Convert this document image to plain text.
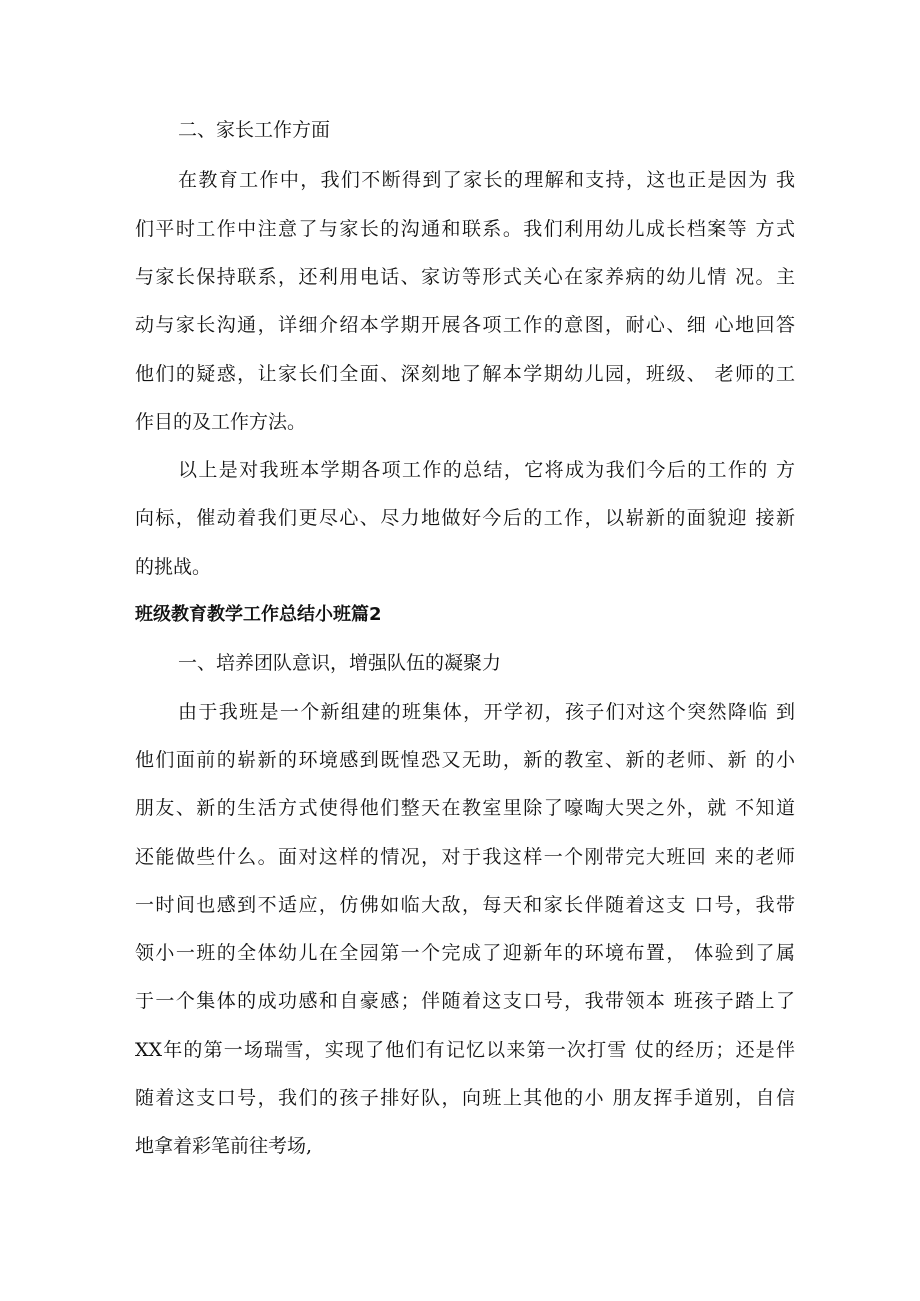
二、家长工作方面
在教育工作中，我们不断得到了家长的理解和支持，这也正是因为 我
们平时工作中注意了与家长的沟通和联系。我们利用幼儿成长档案等 方式
与家长保持联系，还利用电话、家访等形式关心在家养病的幼儿情 况。主
动与家长沟通，详细介绍本学期开展各项工作的意图，耐心、细 心地回答
他们的疑惑，让家长们全面、深刻地了解本学期幼儿园，班级、 老师的工
作目的及工作方法。
以上是对我班本学期各项工作的总结，它将成为我们今后的工作的 方
向标，催动着我们更尽心、尽力地做好今后的工作，以崭新的面貌迎 接新
的挑战。
班级教育教学工作总结小班篇2
一、培养团队意识，增强队伍的凝聚力
由于我班是一个新组建的班集体，开学初，孩子们对这个突然降临 到
他们面前的崭新的环境感到既惶恐又无助，新的教室、新的老师、新 的小
朋友、新的生活方式使得他们整天在教室里除了嚎啕大哭之外，就 不知道
还能做些什么。面对这样的情况，对于我这样一个刚带完大班回 来的老师
一时间也感到不适应，仿佛如临大敌，每天和家长伴随着这支 口号，我带
领小一班的全体幼儿在全园第一个完成了迎新年的环境布置， 体验到了属
于一个集体的成功感和自豪感；伴随着这支口号，我带领本 班孩子踏上了
XX年的第一场瑞雪，实现了他们有记忆以来第一次打雪 仗的经历；还是伴
随着这支口号，我们的孩子排好队，向班上其他的小 朋友挥手道别，自信
地拿着彩笔前往考场,
